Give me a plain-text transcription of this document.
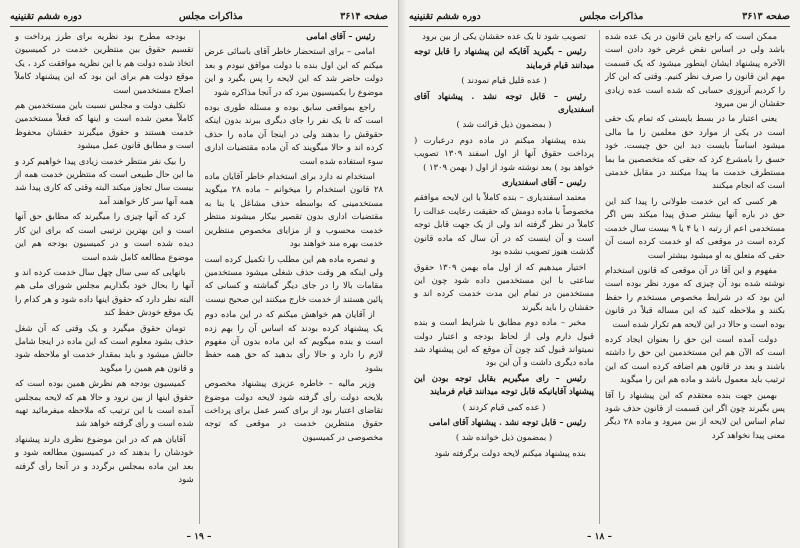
دوره ششم تقنینیه	مذاکرات مجلس	صفحه ۳۶۱۳

ممکن است که راجع باین قانون در یک عده شده باشد ولی در اساس نقض غرض خود دادن است الآخره پیشنهاد ایشان اینطور میشود که یک قسمت مهم این قانون را صرف نظر کنیم. وقتی که این کار را کردیم آنروزی حسابی که شده است عده زیادی حقشان از بین میرود

یعنی اعتبار ما در بسط بایستی که تمام یک حقی است در یکی از موارد حق معلمین را ما مالی میشود اساساً بایست دید این حق چیست. خود حسق را بامشرع کرد که حقی که متخصصین ما بما مستطرف خدمت ما پیدا میکنند در مقابل خدمتی است که انجام میکنند

هر کسی که این خدمت طولانی را پیدا کند این حق در باره آنها بیشتر صدق پیدا میکند بس اگر مستخدمی اعم از رتبه ۱ یا ۴ یا ۹ بیست سال خدمت کرده است در موقعی که او خدمت کرده است آن حقی که متعلق به او میشود بیشتر است

مفهوم و این آقا در آن موقعی که قانون استخدام نوشته شده بود آن چیزی که مورد نظر بوده است این بود که در شرایط مخصوص مستخدم را حفظ بکنند و ملاحظه کنید که این مساله قبلاً در قانون بوده است و حالا در این لایحه هم تکرار شده است

دولت آمده است این حق را بعنوان ایجاد کرده است که الآن هم این مستخدمین این حق را داشته باشند و بعد در قانون هم اضافه کرده است که این ترتیب باید معمول باشد و ماده هم این را میگوید

بهمین جهت بنده معتقدم که این پیشنهاد را آقا پس بگیرند چون اگر این قسمت از قانون حذف شود تمام اساس این لایحه از بین میرود و ماده ۲۸ دیگر معنی پیدا نخواهد کرد

تصویب شود تا یک عده حقشان یکی از بین برود

رئیس – بگیرید آقایکه این پیشنهاد را قابل توجه میدانند قیام فرمایند

( عده قلیل قیام نمودند )

رئیس – قابل توجه نشد . پیشنهاد آقای اسفندیاری

( بمضمون ذیل قرائت شد )

بنده پیشنهاد میکنم در ماده دوم درعبارت ( پرداخت حقوق آنها از اول اسفند ۱۳۰۹ تصویب خواهد بود ) بعد نوشته شود از اول ( بهمن ۱۳۰۹ )

رئیس – آقای اسفندیاری

معتمد اسفندیاری – بنده کاملاً با این لایحه موافقم مخصوصاً با ماده دومش که حقیقت رعایت عدالت را کاملاً در نظر گرفته اند ولی از یک جهت قابل توجه است و آن اینست که در آن سال که ماده قانون گذشت هنوز تصویب نشده بود

اختیار میدهیم که از اول ماه بهمن ۱۳۰۹ حقوق ساعتی با این مستخدمین داده شود چون این مستخدمین در تمام این مدت خدمت کرده اند و حقشان را باید بگیرند

مخبر – ماده دوم مطابق با شرایط است و بنده قبول دارم ولی از لحاظ بودجه و اعتبار دولت نمیتواند قبول کند چون آن موقع که این پیشنهاد شد ماده دیگری داشت و آن این بود

رئیس – رای میگیریم بقابل توجه بودن این پیشنهاد آقایانیکه قابل توجه میدانند قیام فرمایند

( عده کمی قیام کردند )

رئیس – قابل توجه نشد . پیشنهاد آقای امامی

( بمضمون ذیل خوانده شد )

بنده پیشنهاد میکنم لایحه دولت برگرفته شود

– ۱۸ –
دوره ششم تقنینیه	مذاکرات مجلس	صفحه ۳۶۱۴

رئیس – آقای امامی

امامی – برای استحضار خاطر آقای باسائی عرض میکنم که این اول بنده با دولت موافق نبودم و بعد دولت حاضر شد که این لایحه را پس بگیرد و این موضوع را بکمیسیون ببرد که در آنجا مذاکره شود

راجع بمواقعی سابق بوده و مسئله طوری بوده است که تا یک نفر را جای دیگری ببرند بدون اینکه حقوقش را بدهند ولی در اینجا آن ماده را حذف کرده اند و حالا میگویند که آن ماده مقتضیات اداری سوء استفاده شده است

استخدام نه دارد برای استخدام خاطر آقایان ماده ۲۸ قانون استخدام را میخوانم – ماده ۲۸ میگوید مستخدمینی که بواسطه حذف مشاغل یا بنا به مقتضیات اداری بدون تقصیر بیکار میشوند منتظر خدمت محسوب و از مزایای مخصوص منتظرین خدمت بهره مند خواهند بود

و تبصره ماده هم این مطلب را تکمیل کرده است ولی اینکه هر وقت حذف شغلی میشود مستخدمین مقامات بالا را در جای دیگر گماشته و کسانی که پائین هستند از خدمت خارج میکنند این صحیح نیست

از آقایان هم خواهش میکنم که در این ماده دوم یک پیشنهاد کرده بودند که اساس آن را بهم زده است و بنده میگویم که این ماده بدون آن مفهوم لازم را دارد و حالا رأی بدهید که حق همه حفظ بشود

وزیر مالیه – خاطره عزیزی پیشنهاد مخصوص بلایحه دولت رأی گرفته شود لایحه دولت موضوع تقاضای اعتبار بود از برای کسر عمل برای پرداخت حقوق منتظرین خدمت در موقعی که توجه مخصوصی در کمیسیون

بودجه مطرح بود نظریه برای طرز پرداخت و تقسیم حقوق بین منتظرین خدمت در کمیسیون اتخاذ شده دولت هم با این نظریه موافقت کرد ، یک موقع دولت هم برای این بود که این پیشنهاد کاملاً اصلاح مستخدمین است

تکلیف دولت و مجلس نسبت باین مستخدمین هم کاملاً معین شده است و اینها که فعلاً مستخدمین خدمت هستند و حقوق میگیرند حقشان محفوظ است و مطابق قانون عمل میشود

را بیک نفر منتظر خدمت زیادی پیدا خواهیم کرد و ما این حال طبیعی است که منتظرین خدمت همه از بیست سال تجاوز میکند البته وقتی که کاری پیدا شد همه آنها سر کار خواهند آمد

کرد که آنها چیزی را میگیرند که مطابق حق آنها است و این بهترین ترتیبی است که برای این کار دیده شده است و در کمیسیون بودجه هم این موضوع مطالعه کامل شده است

بانهایی که سی سال چهل سال خدمت کرده اند و آنها را بحال خود بگذاریم مجلس شورای ملی هم البته نظر دارد که حقوق اینها داده شود و هر کدام را یک موقع خودش حفظ کند

تومان حقوق میگیرد و یک وقتی که آن شغل حذف بشود معلوم است که این ماده در اینجا شامل حالش میشود و باید بمقدار خدمت او ملاحظه شود و قانون هم همین را میگوید

کمیسیون بودجه هم نظرش همین بوده است که حقوق اینها از بین نرود و حالا هم که لایحه بمجلس آمده است با این ترتیب که ملاحظه میفرمائید تهیه شده است و رأی گرفته خواهد شد

آقایان هم که در این موضوع نظری دارند پیشنهاد خودشان را بدهند که در کمیسیون مطالعه شود و بعد این ماده بمجلس برگردد و در آنجا رأی گرفته شود

– ۱۹ –
